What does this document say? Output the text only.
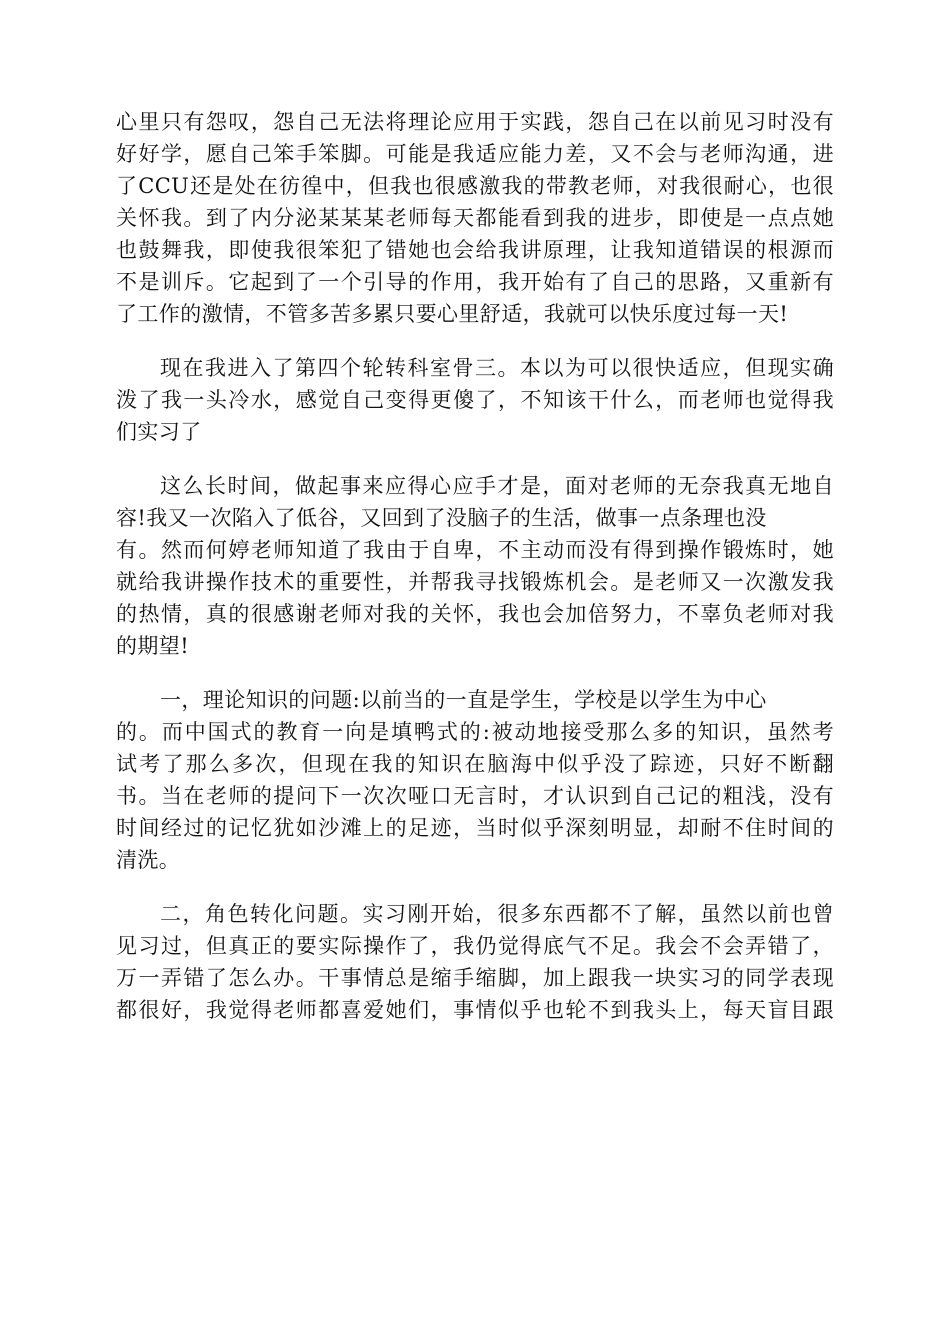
心里只有怨叹，怨自己无法将理论应用于实践，怨自己在以前见习时没有
好好学，愿自己笨手笨脚。可能是我适应能力差，又不会与老师沟通，进
了CCU还是处在彷徨中，但我也很感激我的带教老师，对我很耐心，也很
关怀我。到了内分泌某某某老师每天都能看到我的进步，即使是一点点她
也鼓舞我，即使我很笨犯了错她也会给我讲原理，让我知道错误的根源而
不是训斥。它起到了一个引导的作用，我开始有了自己的思路，又重新有
了工作的激情，不管多苦多累只要心里舒适，我就可以快乐度过每一天!
现在我进入了第四个轮转科室骨三。本以为可以很快适应，但现实确
泼了我一头冷水，感觉自己变得更傻了，不知该干什么，而老师也觉得我
们实习了
这么长时间，做起事来应得心应手才是，面对老师的无奈我真无地自
容!我又一次陷入了低谷，又回到了没脑子的生活，做事一点条理也没
有。然而何婷老师知道了我由于自卑，不主动而没有得到操作锻炼时，她
就给我讲操作技术的重要性，并帮我寻找锻炼机会。是老师又一次激发我
的热情，真的很感谢老师对我的关怀，我也会加倍努力，不辜负老师对我
的期望!
一，理论知识的问题:以前当的一直是学生，学校是以学生为中心
的。而中国式的教育一向是填鸭式的:被动地接受那么多的知识，虽然考
试考了那么多次，但现在我的知识在脑海中似乎没了踪迹，只好不断翻
书。当在老师的提问下一次次哑口无言时，才认识到自己记的粗浅，没有
时间经过的记忆犹如沙滩上的足迹，当时似乎深刻明显，却耐不住时间的
清洗。
二，角色转化问题。实习刚开始，很多东西都不了解，虽然以前也曾
见习过，但真正的要实际操作了，我仍觉得底气不足。我会不会弄错了，
万一弄错了怎么办。干事情总是缩手缩脚，加上跟我一块实习的同学表现
都很好，我觉得老师都喜爱她们，事情似乎也轮不到我头上，每天盲目跟
